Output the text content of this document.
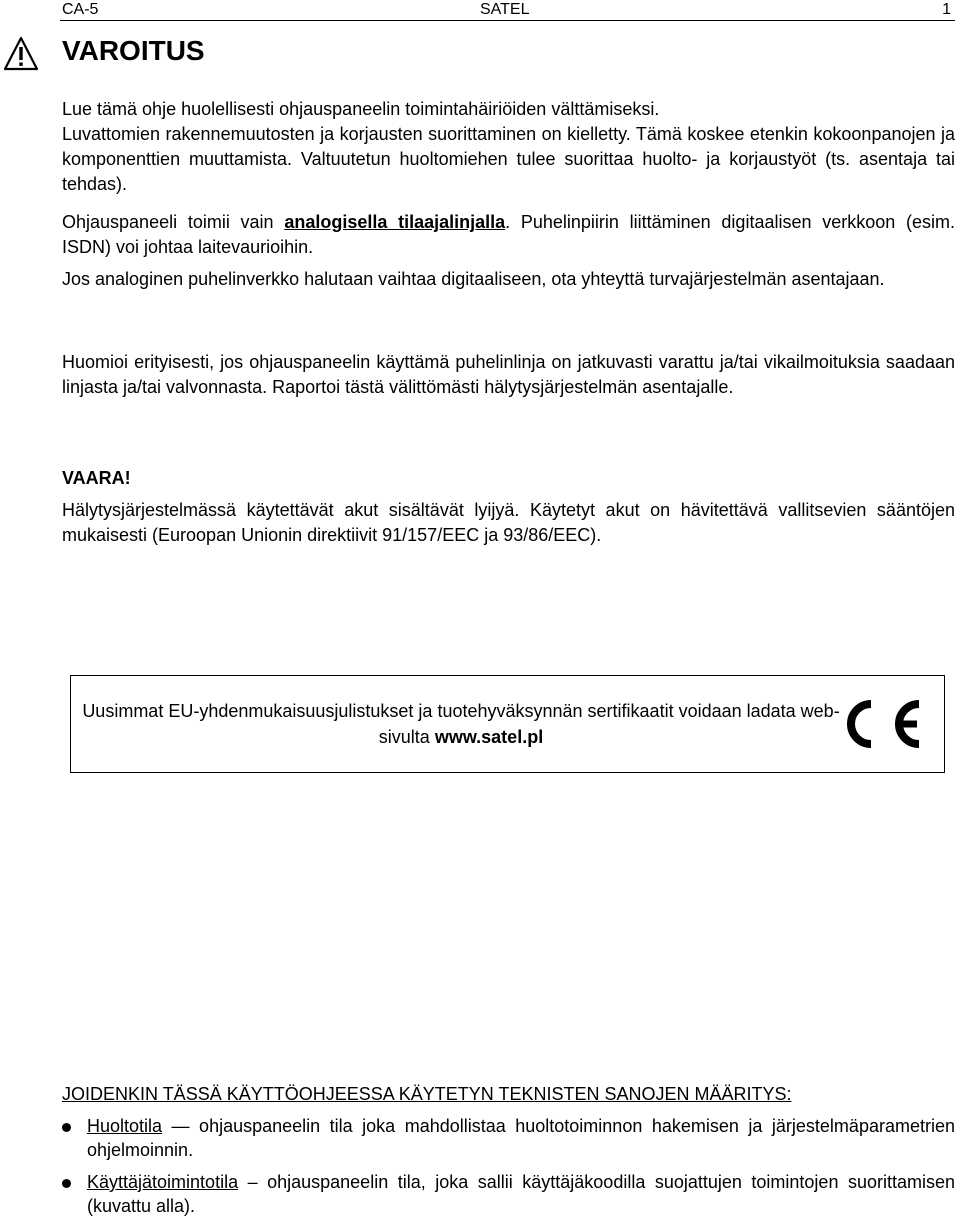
CA-5	SATEL	1
VAROITUS
Lue tämä ohje huolellisesti ohjauspaneelin toimintahäiriöiden välttämiseksi.
Luvattomien rakennemuutosten ja korjausten suorittaminen on kielletty. Tämä koskee etenkin kokoonpanojen ja komponenttien muuttamista. Valtuutetun huoltomiehen tulee suorittaa huolto- ja korjaustyöt (ts. asentaja tai tehdas).
Ohjauspaneeli toimii vain analogisella tilaajalinjalla. Puhelinpiirin liittäminen digitaalisen verkkoon (esim. ISDN) voi johtaa laitevaurioihin.
Jos analoginen puhelinverkko halutaan vaihtaa digitaaliseen, ota yhteyttä turvajärjestelmän asentajaan.
Huomioi erityisesti, jos ohjauspaneelin käyttämä puhelinlinja on jatkuvasti varattu ja/tai vikailmoituksia saadaan linjasta ja/tai valvonnasta. Raportoi tästä välittömästi hälytysjärjestelmän asentajalle.
VAARA!
Hälytysjärjestelmässä käytettävät akut sisältävät lyijyä. Käytetyt akut on hävitettävä vallitsevien sääntöjen mukaisesti (Euroopan Unionin direktiivit 91/157/EEC ja 93/86/EEC).
Uusimmat EU-yhdenmukaisuusjulistukset ja tuotehyväksynnän sertifikaatit voidaan ladata web-sivulta www.satel.pl
JOIDENKIN TÄSSÄ KÄYTTÖOHJEESSA KÄYTETYN TEKNISTEN SANOJEN MÄÄRITYS:
Huoltotila — ohjauspaneelin tila joka mahdollistaa huoltotoiminnon hakemisen ja järjestelmäparametrien ohjelmoinnin.
Käyttäjätoimintotila – ohjauspaneelin tila, joka sallii käyttäjäkoodilla suojattujen toimintojen suorittamisen (kuvattu alla).
